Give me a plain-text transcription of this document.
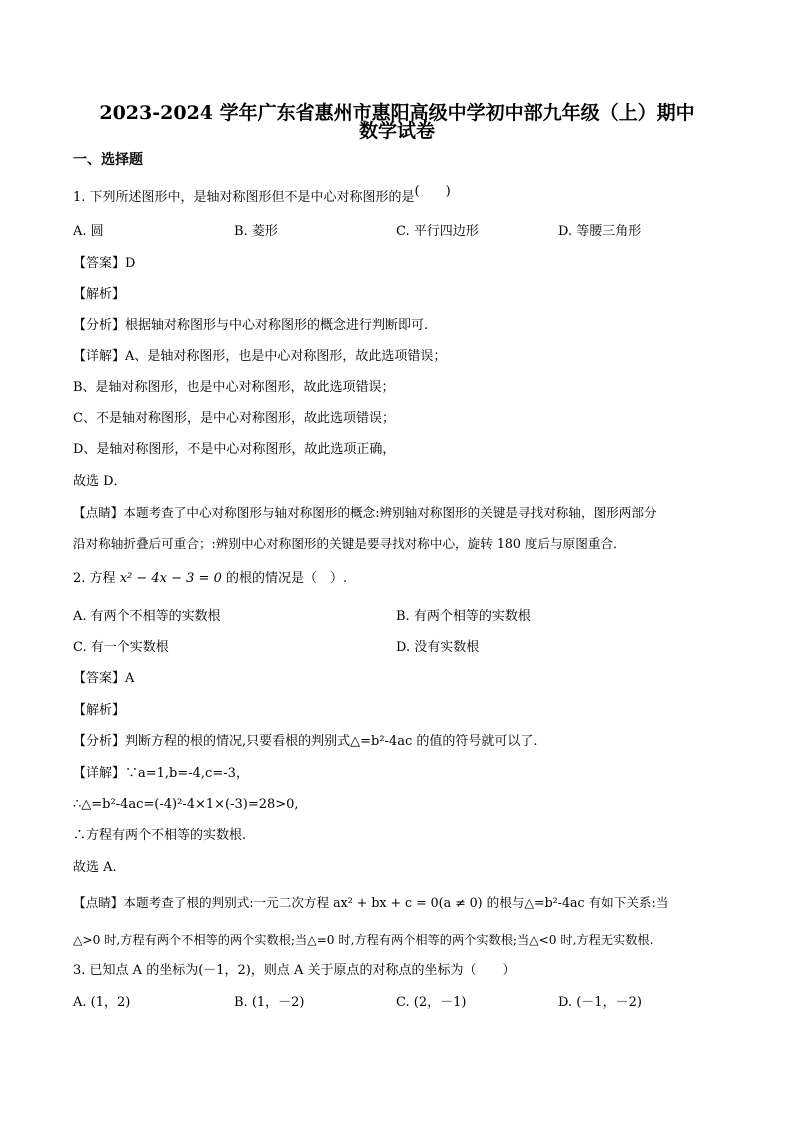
2023-2024 学年广东省惠州市惠阳高级中学初中部九年级（上）期中
数学试卷
一、选择题
1. 下列所述图形中，是轴对称图形但不是中心对称图形的是(　　)
A. 圆	B. 菱形	C. 平行四边形	D. 等腰三角形
【答案】D
【解析】
【分析】根据轴对称图形与中心对称图形的概念进行判断即可.
【详解】A、是轴对称图形，也是中心对称图形，故此选项错误；
B、是轴对称图形，也是中心对称图形，故此选项错误；
C、不是轴对称图形，是中心对称图形，故此选项错误；
D、是轴对称图形，不是中心对称图形，故此选项正确，
故选 D．
【点睛】本题考查了中心对称图形与轴对称图形的概念:辨别轴对称图形的关键是寻找对称轴，图形两部分
沿对称轴折叠后可重合；:辨别中心对称图形的关键是要寻找对称中心，旋转 180 度后与原图重合．
2. 方程 x² − 4x − 3 = 0 的根的情况是（　）.
A. 有两个不相等的实数根	B. 有两个相等的实数根
C. 有一个实数根	D. 没有实数根
【答案】A
【解析】
【分析】判断方程的根的情况,只要看根的判别式△=b²-4ac 的值的符号就可以了.
【详解】∵a=1,b=-4,c=-3，
∴△=b²-4ac=(-4)²-4×1×(-3)=28>0,
∴方程有两个不相等的实数根.
故选 A.
【点睛】本题考查了根的判别式:一元二次方程 ax² + bx + c = 0(a ≠ 0) 的根与△=b²-4ac 有如下关系:当
△>0 时,方程有两个不相等的两个实数根;当△=0 时,方程有两个相等的两个实数根;当△<0 时,方程无实数根.
3. 已知点 A 的坐标为(－1，2)，则点 A 关于原点的对称点的坐标为（　　）
A. (1，2)	B. (1，－2)	C. (2，－1)	D. (－1，－2)
